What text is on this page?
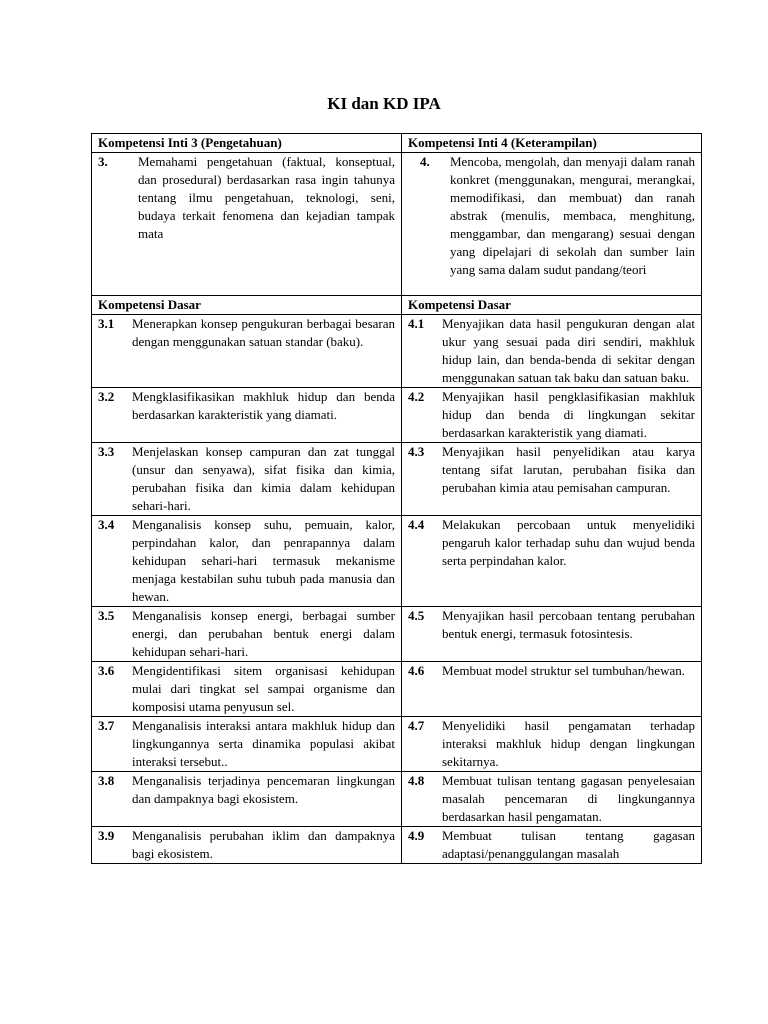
KI dan KD IPA
Kompetensi Inti 3 (Pengetahuan)	Kompetensi Inti 4 (Keterampilan)

3. Memahami pengetahuan (faktual, konseptual, dan prosedural) berdasarkan rasa ingin tahunya tentang ilmu pengetahuan, teknologi, seni, budaya terkait fenomena dan kejadian tampak mata	4. Mencoba, mengolah, dan menyaji dalam ranah konkret (menggunakan, mengurai, merangkai, memodifikasi, dan membuat) dan ranah abstrak (menulis, membaca, menghitung, menggambar, dan mengarang) sesuai dengan yang dipelajari di sekolah dan sumber lain yang sama dalam sudut pandang/teori

Kompetensi Dasar	Kompetensi Dasar

3.1 Menerapkan konsep pengukuran berbagai besaran dengan menggunakan satuan standar (baku).	4.1 Menyajikan data hasil pengukuran dengan alat ukur yang sesuai pada diri sendiri, makhluk hidup lain, dan benda-benda di sekitar dengan menggunakan satuan tak baku dan satuan baku.

3.2 Mengklasifikasikan makhluk hidup dan benda berdasarkan karakteristik yang diamati.	4.2 Menyajikan hasil pengklasifikasian makhluk hidup dan benda di lingkungan sekitar berdasarkan karakteristik yang diamati.

3.3 Menjelaskan konsep campuran dan zat tunggal (unsur dan senyawa), sifat fisika dan kimia, perubahan fisika dan kimia dalam kehidupan sehari-hari.	4.3 Menyajikan hasil penyelidikan atau karya tentang sifat larutan, perubahan fisika dan perubahan kimia atau pemisahan campuran.

3.4 Menganalisis konsep suhu, pemuain, kalor, perpindahan kalor, dan penrapannya dalam kehidupan sehari-hari termasuk mekanisme menjaga kestabilan suhu tubuh pada manusia dan hewan.	4.4 Melakukan percobaan untuk menyelidiki pengaruh kalor terhadap suhu dan wujud benda serta perpindahan kalor.

3.5 Menganalisis konsep energi, berbagai sumber energi, dan perubahan bentuk energi dalam kehidupan sehari-hari.	4.5 Menyajikan hasil percobaan tentang perubahan bentuk energi, termasuk fotosintesis.

3.6 Mengidentifikasi sitem organisasi kehidupan mulai dari tingkat sel sampai organisme dan komposisi utama penyusun sel.	4.6 Membuat model struktur sel tumbuhan/hewan.

3.7 Menganalisis interaksi antara makhluk hidup dan lingkungannya serta dinamika populasi akibat interaksi tersebut..	4.7 Menyelidiki hasil pengamatan terhadap interaksi makhluk hidup dengan lingkungan sekitarnya.

3.8 Menganalisis terjadinya pencemaran lingkungan dan dampaknya bagi ekosistem.	4.8 Membuat tulisan tentang gagasan penyelesaian masalah pencemaran di lingkungannya berdasarkan hasil pengamatan.

3.9 Menganalisis perubahan iklim dan dampaknya bagi ekosistem.	4.9 Membuat tulisan tentang gagasan adaptasi/penanggulangan masalah
